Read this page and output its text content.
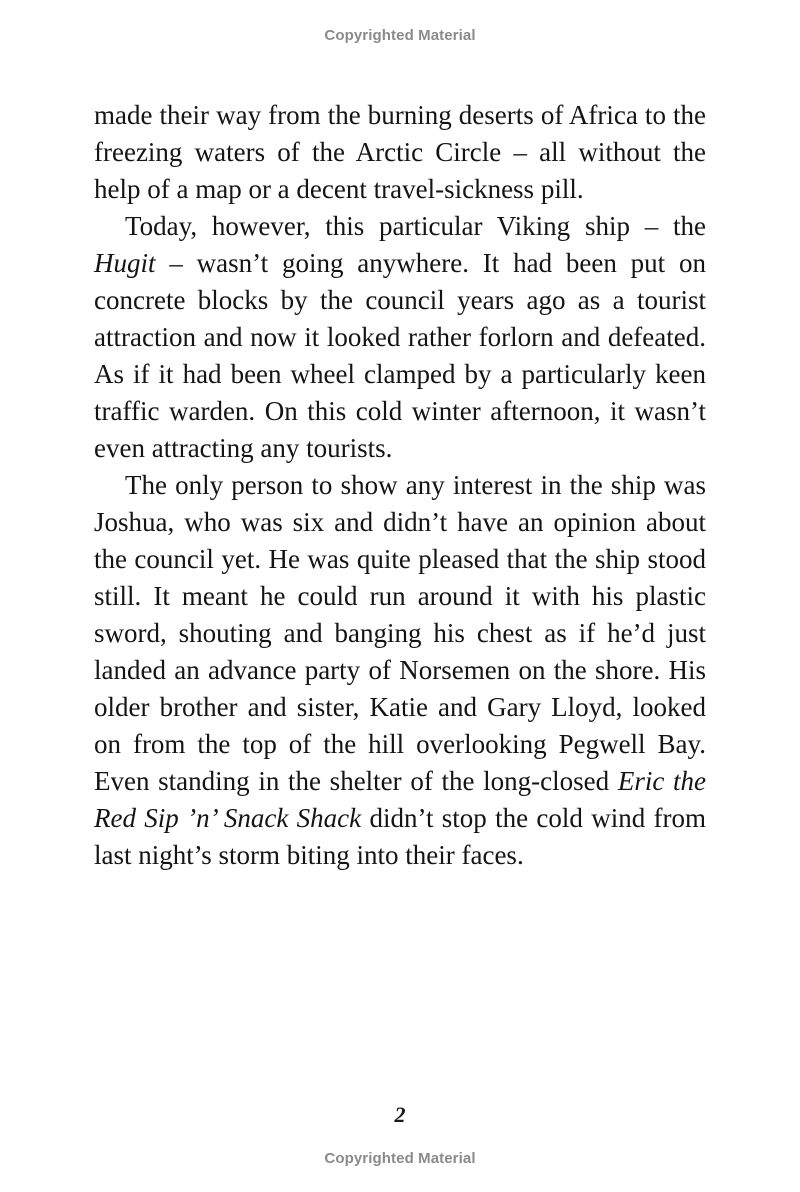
Copyrighted Material

made their way from the burning deserts of Africa to the freezing waters of the Arctic Circle – all without the help of a map or a decent travel-sickness pill.

Today, however, this particular Viking ship – the Hugit – wasn’t going anywhere. It had been put on concrete blocks by the council years ago as a tourist attraction and now it looked rather forlorn and defeated. As if it had been wheel clamped by a particularly keen traffic warden. On this cold winter afternoon, it wasn’t even attracting any tourists.

The only person to show any interest in the ship was Joshua, who was six and didn’t have an opinion about the council yet. He was quite pleased that the ship stood still. It meant he could run around it with his plastic sword, shouting and banging his chest as if he’d just landed an advance party of Norsemen on the shore. His older brother and sister, Katie and Gary Lloyd, looked on from the top of the hill overlooking Pegwell Bay. Even standing in the shelter of the long-closed Eric the Red Sip ’n’ Snack Shack didn’t stop the cold wind from last night’s storm biting into their faces.

2
Copyrighted Material
